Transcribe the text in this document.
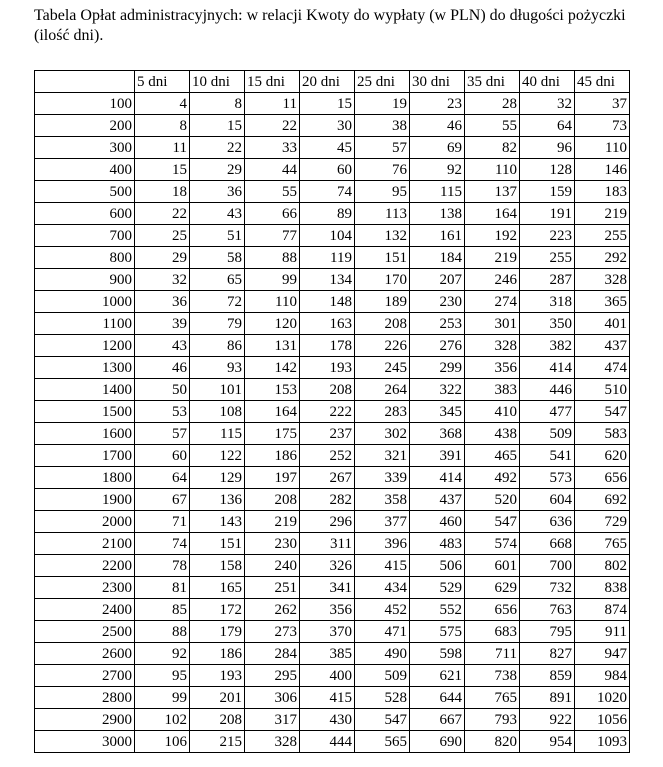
Tabela Opłat administracyjnych: w relacji Kwoty do wypłaty (w PLN) do długości pożyczki (ilość dni).
	5 dni	10 dni	15 dni	20 dni	25 dni	30 dni	35 dni	40 dni	45 dni
100	4	8	11	15	19	23	28	32	37
200	8	15	22	30	38	46	55	64	73
300	11	22	33	45	57	69	82	96	110
400	15	29	44	60	76	92	110	128	146
500	18	36	55	74	95	115	137	159	183
600	22	43	66	89	113	138	164	191	219
700	25	51	77	104	132	161	192	223	255
800	29	58	88	119	151	184	219	255	292
900	32	65	99	134	170	207	246	287	328
1000	36	72	110	148	189	230	274	318	365
1100	39	79	120	163	208	253	301	350	401
1200	43	86	131	178	226	276	328	382	437
1300	46	93	142	193	245	299	356	414	474
1400	50	101	153	208	264	322	383	446	510
1500	53	108	164	222	283	345	410	477	547
1600	57	115	175	237	302	368	438	509	583
1700	60	122	186	252	321	391	465	541	620
1800	64	129	197	267	339	414	492	573	656
1900	67	136	208	282	358	437	520	604	692
2000	71	143	219	296	377	460	547	636	729
2100	74	151	230	311	396	483	574	668	765
2200	78	158	240	326	415	506	601	700	802
2300	81	165	251	341	434	529	629	732	838
2400	85	172	262	356	452	552	656	763	874
2500	88	179	273	370	471	575	683	795	911
2600	92	186	284	385	490	598	711	827	947
2700	95	193	295	400	509	621	738	859	984
2800	99	201	306	415	528	644	765	891	1020
2900	102	208	317	430	547	667	793	922	1056
3000	106	215	328	444	565	690	820	954	1093
